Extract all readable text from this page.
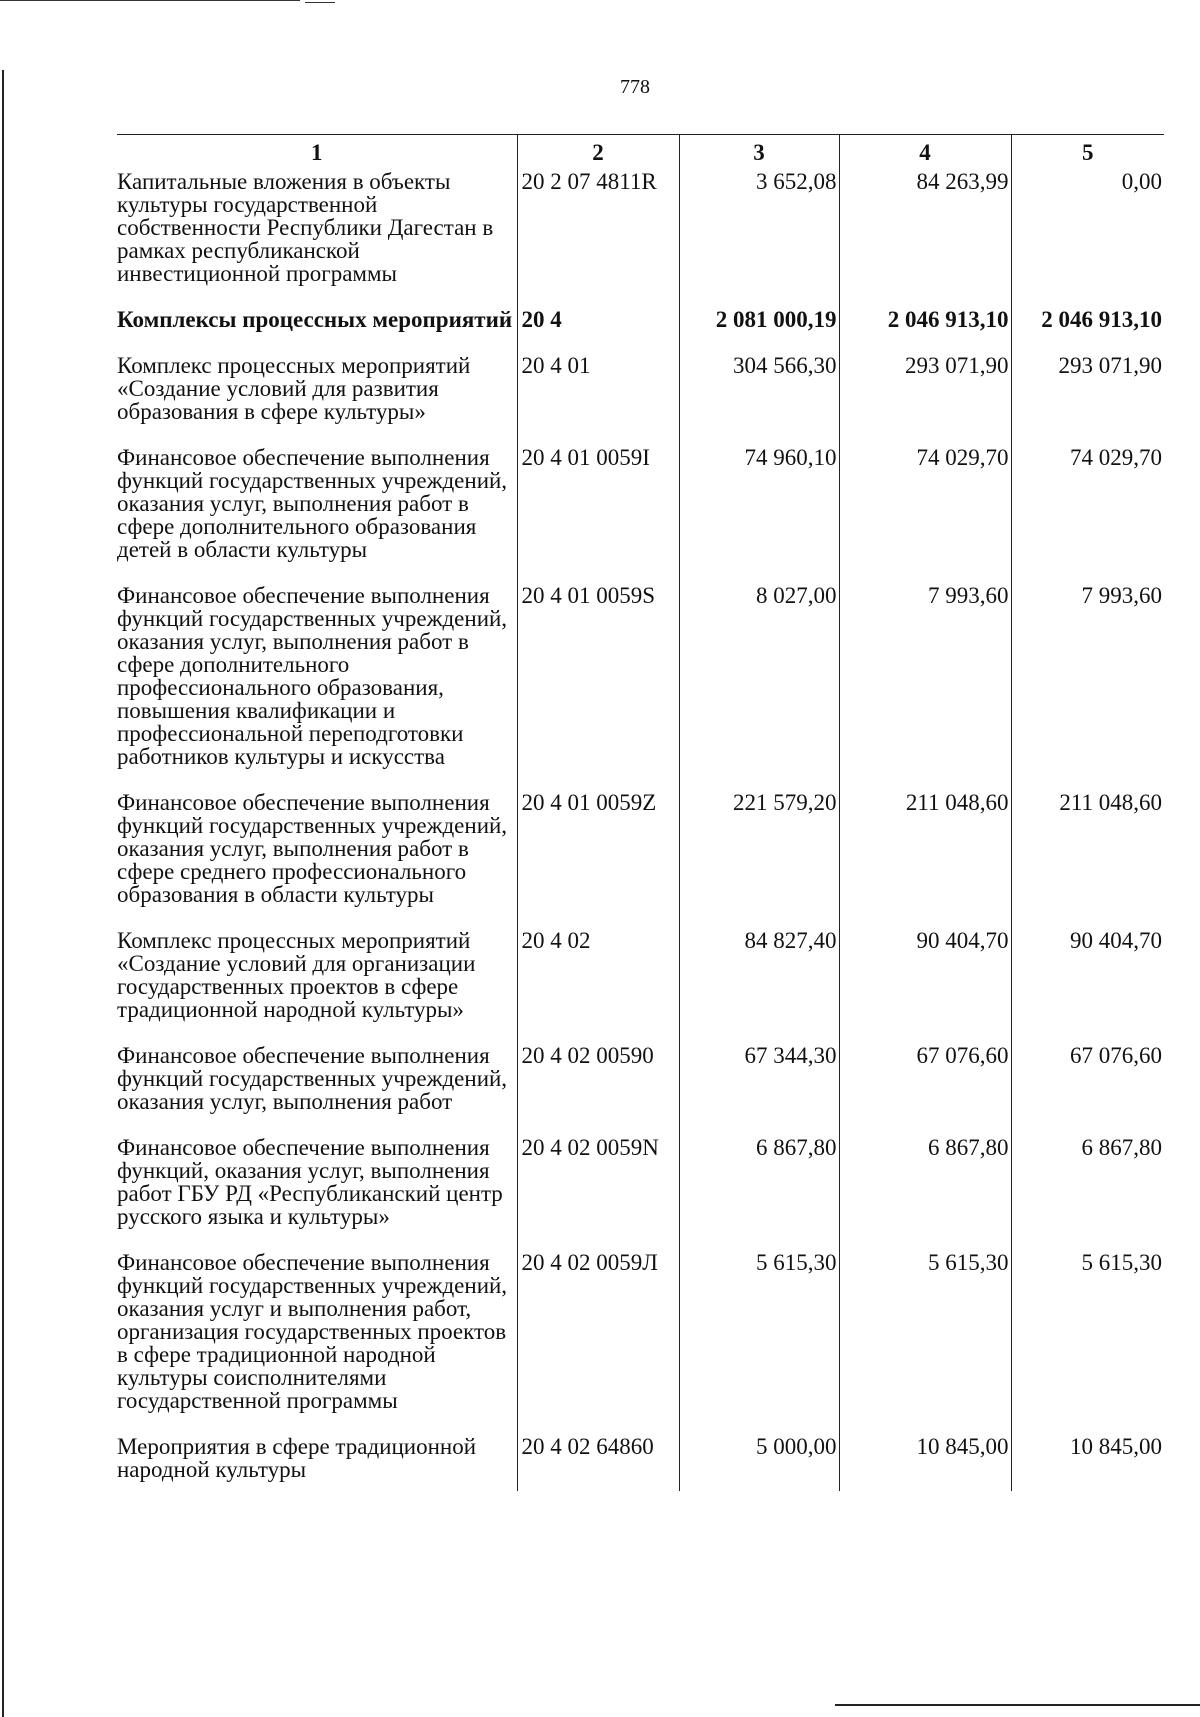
778
1	2	3	4	5
Капитальные вложения в объекты культуры государственной собственности Республики Дагестан в рамках республиканской инвестиционной программы	20 2 07 4811R	3 652,08	84 263,99	0,00
Комплексы процессных мероприятий	20 4	2 081 000,19	2 046 913,10	2 046 913,10
Комплекс процессных мероприятий «Создание условий для развития образования в сфере культуры»	20 4 01	304 566,30	293 071,90	293 071,90
Финансовое обеспечение выполнения функций государственных учреждений, оказания услуг, выполнения работ в сфере дополнительного образования детей в области культуры	20 4 01 0059I	74 960,10	74 029,70	74 029,70
Финансовое обеспечение выполнения функций государственных учреждений, оказания услуг, выполнения работ в сфере дополнительного профессионального образования, повышения квалификации и профессиональной переподготовки работников культуры и искусства	20 4 01 0059S	8 027,00	7 993,60	7 993,60
Финансовое обеспечение выполнения функций государственных учреждений, оказания услуг, выполнения работ в сфере среднего профессионального образования в области культуры	20 4 01 0059Z	221 579,20	211 048,60	211 048,60
Комплекс процессных мероприятий «Создание условий для организации государственных проектов в сфере традиционной народной культуры»	20 4 02	84 827,40	90 404,70	90 404,70
Финансовое обеспечение выполнения функций государственных учреждений, оказания услуг, выполнения работ	20 4 02 00590	67 344,30	67 076,60	67 076,60
Финансовое обеспечение выполнения функций, оказания услуг, выполнения работ ГБУ РД «Республиканский центр русского языка и культуры»	20 4 02 0059N	6 867,80	6 867,80	6 867,80
Финансовое обеспечение выполнения функций государственных учреждений, оказания услуг и выполнения работ, организация государственных проектов в сфере традиционной народной культуры соисполнителями государственной программы	20 4 02 0059Л	5 615,30	5 615,30	5 615,30
Мероприятия в сфере традиционной народной культуры	20 4 02 64860	5 000,00	10 845,00	10 845,00
